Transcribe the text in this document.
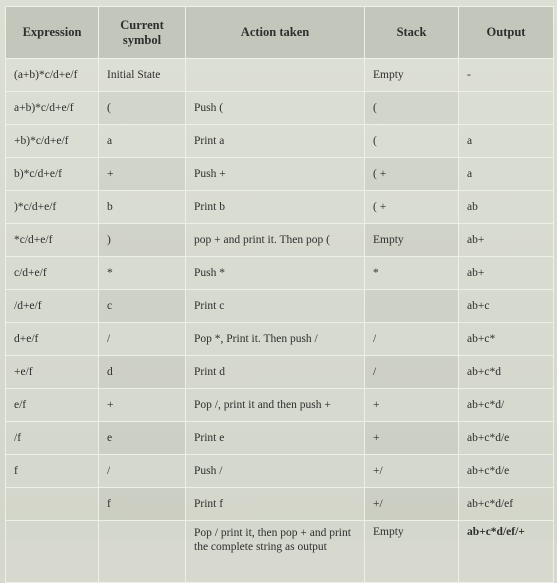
Expression	Current symbol	Action taken	Stack	Output
(a+b)*c/d+e/f	Initial State		Empty	-
a+b)*c/d+e/f	(	Push (	(	
+b)*c/d+e/f	a	Print a	(	a
b)*c/d+e/f	+	Push +	( +	a
)*c/d+e/f	b	Print b	( +	ab
*c/d+e/f	)	pop + and print it. Then pop (	Empty	ab+
c/d+e/f	*	Push *	*	ab+
/d+e/f	c	Print c		ab+c
d+e/f	/	Pop *, Print it. Then push /	/	ab+c*
+e/f	d	Print d	/	ab+c*d
e/f	+	Pop /, print it and then push +	+	ab+c*d/
/f	e	Print e	+	ab+c*d/e
f	/	Push /	+/	ab+c*d/e
	f	Print f	+/	ab+c*d/ef
		Pop / print it, then pop + and print the complete string as output	Empty	ab+c*d/ef/+
